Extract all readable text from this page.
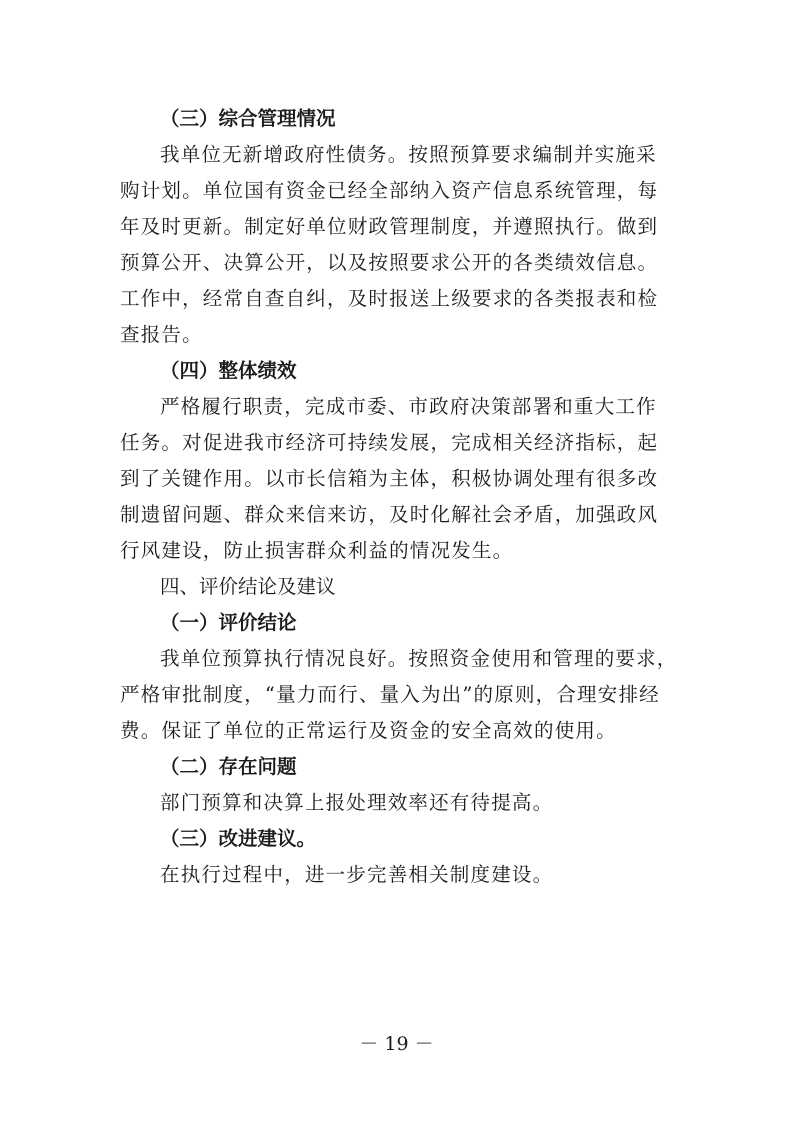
（三）综合管理情况

我单位无新增政府性债务。按照预算要求编制并实施采
购计划。单位国有资金已经全部纳入资产信息系统管理，每
年及时更新。制定好单位财政管理制度，并遵照执行。做到
预算公开、决算公开，以及按照要求公开的各类绩效信息。
工作中，经常自查自纠，及时报送上级要求的各类报表和检
查报告。

（四）整体绩效

严格履行职责，完成市委、市政府决策部署和重大工作
任务。对促进我市经济可持续发展，完成相关经济指标，起
到了关键作用。以市长信箱为主体，积极协调处理有很多改
制遗留问题、群众来信来访，及时化解社会矛盾，加强政风
行风建设，防止损害群众利益的情况发生。

四、评价结论及建议

（一）评价结论

我单位预算执行情况良好。按照资金使用和管理的要求，
严格审批制度，“量力而行、量入为出”的原则，合理安排经
费。保证了单位的正常运行及资金的安全高效的使用。

（二）存在问题

部门预算和决算上报处理效率还有待提高。

（三）改进建议。

在执行过程中，进一步完善相关制度建设。

－ 19 －
